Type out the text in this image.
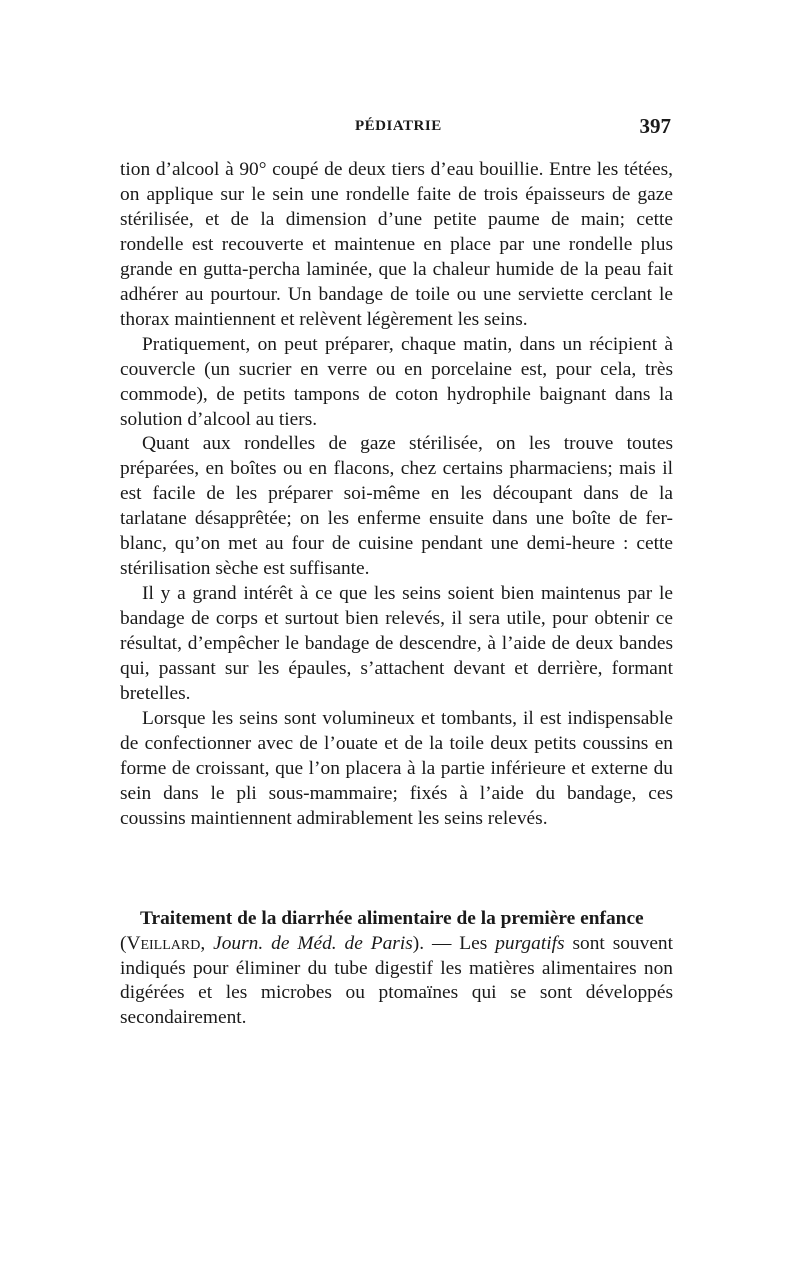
PÉDIATRIE	397

tion d’alcool à 90° coupé de deux tiers d’eau bouillie. Entre les tétées, on applique sur le sein une rondelle faite de trois épaisseurs de gaze stérilisée, et de la dimension d’une petite paume de main; cette rondelle est recouverte et maintenue en place par une rondelle plus grande en gutta-percha laminée, que la chaleur humide de la peau fait adhérer au pourtour. Un bandage de toile ou une serviette cerclant le thorax maintiennent et relèvent légèrement les seins.

Pratiquement, on peut préparer, chaque matin, dans un récipient à couvercle (un sucrier en verre ou en porcelaine est, pour cela, très commode), de petits tampons de coton hydrophile baignant dans la solution d’alcool au tiers.

Quant aux rondelles de gaze stérilisée, on les trouve toutes préparées, en boîtes ou en flacons, chez certains pharmaciens; mais il est facile de les préparer soi-même en les découpant dans de la tarlatane désapprêtée; on les enferme ensuite dans une boîte de fer-blanc, qu’on met au four de cuisine pendant une demi-heure : cette stérilisation sèche est suffisante.

Il y a grand intérêt à ce que les seins soient bien maintenus par le bandage de corps et surtout bien relevés, il sera utile, pour obtenir ce résultat, d’empêcher le bandage de descendre, à l’aide de deux bandes qui, passant sur les épaules, s’attachent devant et derrière, formant bretelles.

Lorsque les seins sont volumineux et tombants, il est indispensable de confectionner avec de l’ouate et de la toile deux petits coussins en forme de croissant, que l’on placera à la partie inférieure et externe du sein dans le pli sous-mammaire; fixés à l’aide du bandage, ces coussins maintiennent admirablement les seins relevés.

Traitement de la diarrhée alimentaire de la première enfance
(Veillard, Journ. de Méd. de Paris). — Les purgatifs sont souvent indiqués pour éliminer du tube digestif les matières alimentaires non digérées et les microbes ou ptomaïnes qui se sont développés secondairement.
